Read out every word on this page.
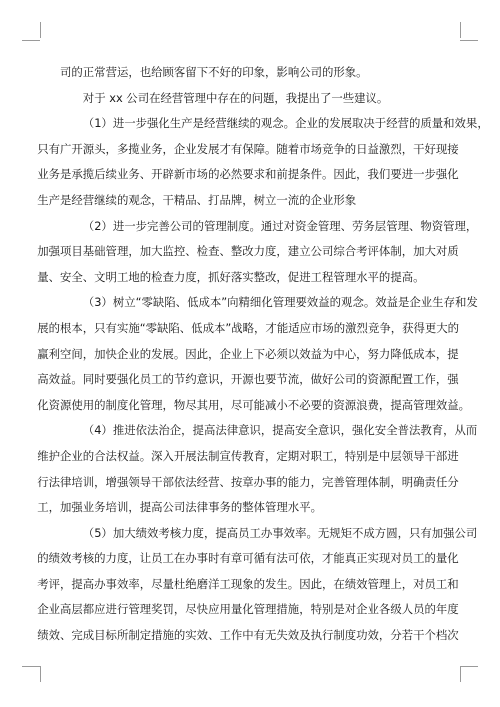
司的正常营运，也给顾客留下不好的印象，影响公司的形象。

对于 xx 公司在经营管理中存在的问题，我提出了一些建议。

（1）进一步强化生产是经营继续的观念。企业的发展取决于经营的质量和效果，
只有广开源头，多揽业务，企业发展才有保障。随着市场竞争的日益激烈，干好现接
业务是承揽后续业务、开辟新市场的必然要求和前提条件。因此，我们要进一步强化
生产是经营继续的观念，干精品、打品牌，树立一流的企业形象

（2）进一步完善公司的管理制度。通过对资金管理、劳务层管理、物资管理，
加强项目基础管理，加大监控、检查、整改力度，建立公司综合考评体制，加大对质
量、安全、文明工地的检查力度，抓好落实整改，促进工程管理水平的提高。

（3）树立“零缺陷、低成本”向精细化管理要效益的观念。效益是企业生存和发
展的根本，只有实施“零缺陷、低成本”战略，才能适应市场的激烈竞争，获得更大的
赢利空间，加快企业的发展。因此，企业上下必须以效益为中心，努力降低成本，提
高效益。同时要强化员工的节约意识，开源也要节流，做好公司的资源配置工作，强
化资源使用的制度化管理，物尽其用，尽可能减小不必要的资源浪费，提高管理效益。

（4）推进依法治企，提高法律意识，提高安全意识，强化安全普法教育，从而
维护企业的合法权益。深入开展法制宣传教育，定期对职工，特别是中层领导干部进
行法律培训，增强领导干部依法经营、按章办事的能力，完善管理体制，明确责任分
工，加强业务培训，提高公司法律事务的整体管理水平。

（5）加大绩效考核力度，提高员工办事效率。无规矩不成方圆，只有加强公司
的绩效考核的力度，让员工在办事时有章可循有法可依，才能真正实现对员工的量化
考评，提高办事效率，尽量杜绝磨洋工现象的发生。因此，在绩效管理上，对员工和
企业高层都应进行管理奖罚，尽快应用量化管理措施，特别是对企业各级人员的年度
绩效、完成目标所制定措施的实效、工作中有无失效及执行制度功效，分若干个档次
